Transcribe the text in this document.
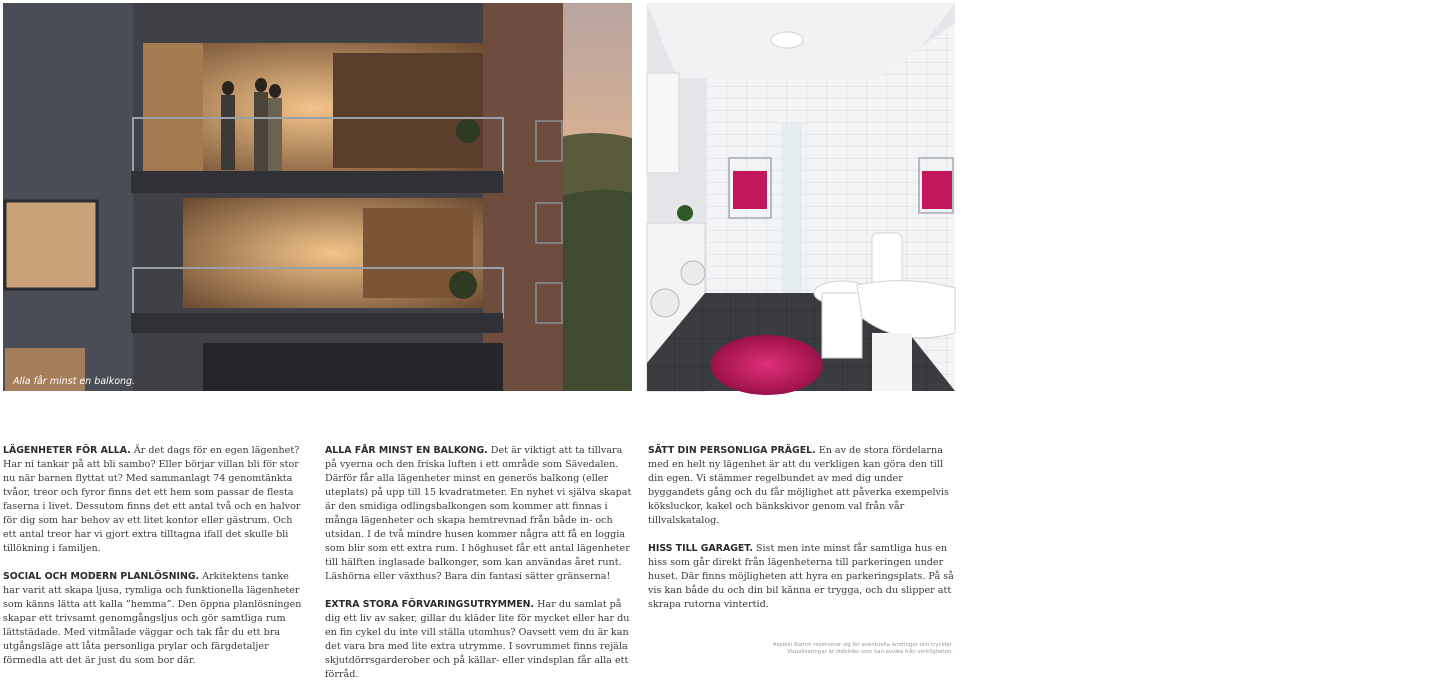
Alla får minst en balkong.
Exempel på badrumsinredning
för 2,5 – 4 rok.

LÄGENHETER FÖR ALLA. Är det dags för en egen lägenhet? Har ni tankar på att bli sambo? Eller börjar villan bli för stor nu när barnen flyttat ut? Med sammanlagt 74 genomtänkta tvåor, treor och fyror finns det ett hem som passar de flesta faserna i livet. Dessutom finns det ett antal två och en halvor för dig som har behov av ett litet kontor eller gästrum. Och ett antal treor har vi gjort extra tilltagna ifall det skulle bli tillökning i familjen.

SOCIAL OCH MODERN PLANLÖSNING. Arkitektens tanke har varit att skapa ljusa, rymliga och funktionella lägenheter som känns lätta att kalla ”hemma”. Den öppna planlösningen skapar ett trivsamt genomgångsljus och gör samtliga rum lättstädade. Med vitmålade väggar och tak får du ett bra utgångsläge att låta personliga prylar och färgdetaljer förmedla att det är just du som bor där.

ALLA FÅR MINST EN BALKONG. Det är viktigt att ta tillvara på vyerna och den friska luften i ett område som Sävedalen. Därför får alla lägenheter minst en generös balkong (eller uteplats) på upp till 15 kvadratmeter. En nyhet vi själva skapat är den smidiga odlingsbalkongen som kommer att finnas i många lägenheter och skapa hemtrevnad från både in- och utsidan. I de två mindre husen kommer några att få en loggia som blir som ett extra rum. I höghuset får ett antal lägenheter till hälften inglasade balkonger, som kan användas året runt. Läshörna eller växthus? Bara din fantasi sätter gränserna!

EXTRA STORA FÖRVARINGSUTRYMMEN. Har du samlat på dig ett liv av saker, gillar du kläder lite för mycket eller har du en fin cykel du inte vill ställa utomhus? Oavsett vem du är kan det vara bra med lite extra utrymme. I sovrummet finns rejäla skjutdörrsgarderober och på källar- eller vindsplan får alla ett förråd.

SÄTT DIN PERSONLIGA PRÄGEL. En av de stora fördelarna med en helt ny lägenhet är att du verkligen kan göra den till din egen. Vi stämmer regelbundet av med dig under byggandets gång och du får möjlighet att påverka exempelvis köksluckor, kakel och bänkskivor genom val från vår tillvalskatalog.

HISS TILL GARAGET. Sist men inte minst får samtliga hus en hiss som går direkt från lägenheterna till parkeringen under huset. Där finns möjligheten att hyra en parkeringsplats. På så vis kan både du och din bil känna er trygga, och du slipper att skrapa rutorna vintertid.

Aspelin Ramm reserverar sig för eventuella ändringar och tryckfel.
Visualiseringar är idébilder som kan avvika från verkligheten.
